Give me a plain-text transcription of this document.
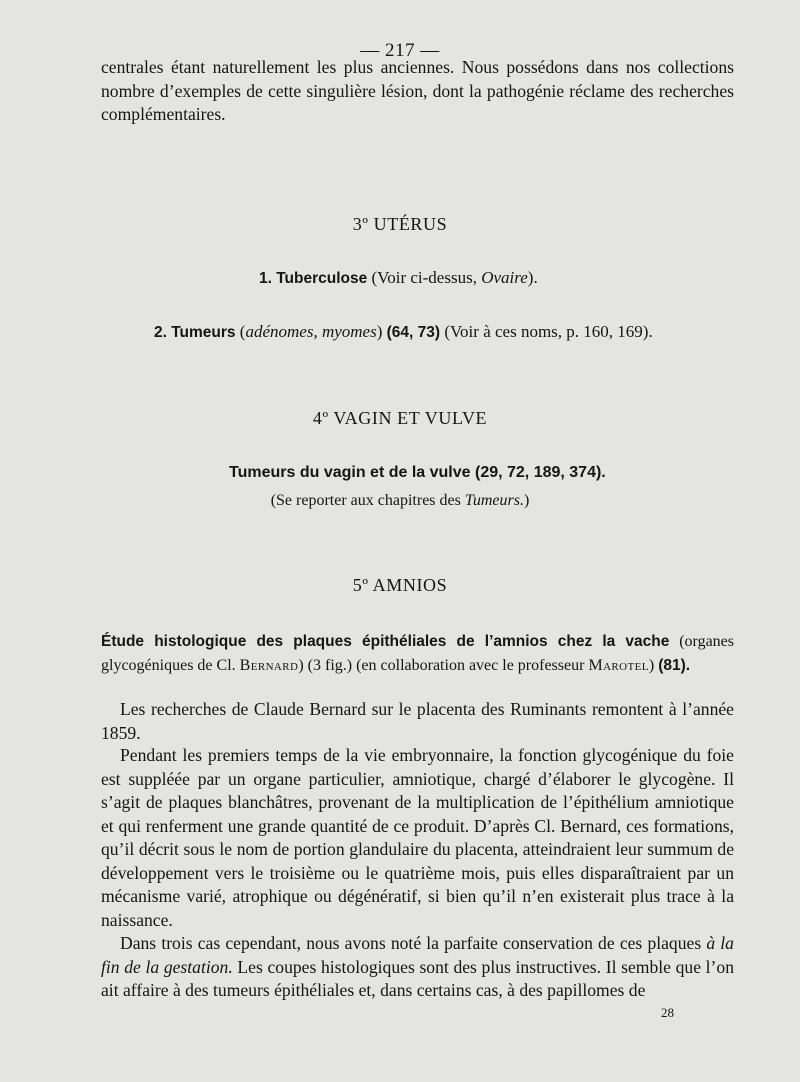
— 217 —

centrales étant naturellement les plus anciennes. Nous possédons dans nos collections nombre d’exemples de cette singulière lésion, dont la pathogénie réclame des recherches complémentaires.

3º UTÉRUS
1. Tuberculose (Voir ci-dessus, Ovaire).
2. Tumeurs (adénomes, myomes) (64, 73) (Voir à ces noms, p. 160, 169).
4º VAGIN ET VULVE
Tumeurs du vagin et de la vulve (29, 72, 189, 374).
(Se reporter aux chapitres des Tumeurs.)
5º AMNIOS

Étude histologique des plaques épithéliales de l’amnios chez la vache (organes glycogéniques de Cl. Bernard) (3 fig.) (en collaboration avec le professeur Marotel) (81).

Les recherches de Claude Bernard sur le placenta des Ruminants remontent à l’année 1859.

Pendant les premiers temps de la vie embryonnaire, la fonction glycogénique du foie est suppléée par un organe particulier, amniotique, chargé d’élaborer le glycogène. Il s’agit de plaques blanchâtres, provenant de la multiplication de l’épithélium amniotique et qui renferment une grande quantité de ce produit. D’après Cl. Bernard, ces formations, qu’il décrit sous le nom de portion glandulaire du placenta, atteindraient leur summum de développement vers le troisième ou le quatrième mois, puis elles disparaîtraient par un mécanisme varié, atrophique ou dégénératif, si bien qu’il n’en existerait plus trace à la naissance.

Dans trois cas cependant, nous avons noté la parfaite conservation de ces plaques à la fin de la gestation. Les coupes histologiques sont des plus instructives. Il semble que l’on ait affaire à des tumeurs épithéliales et, dans certains cas, à des papillomes de

28
